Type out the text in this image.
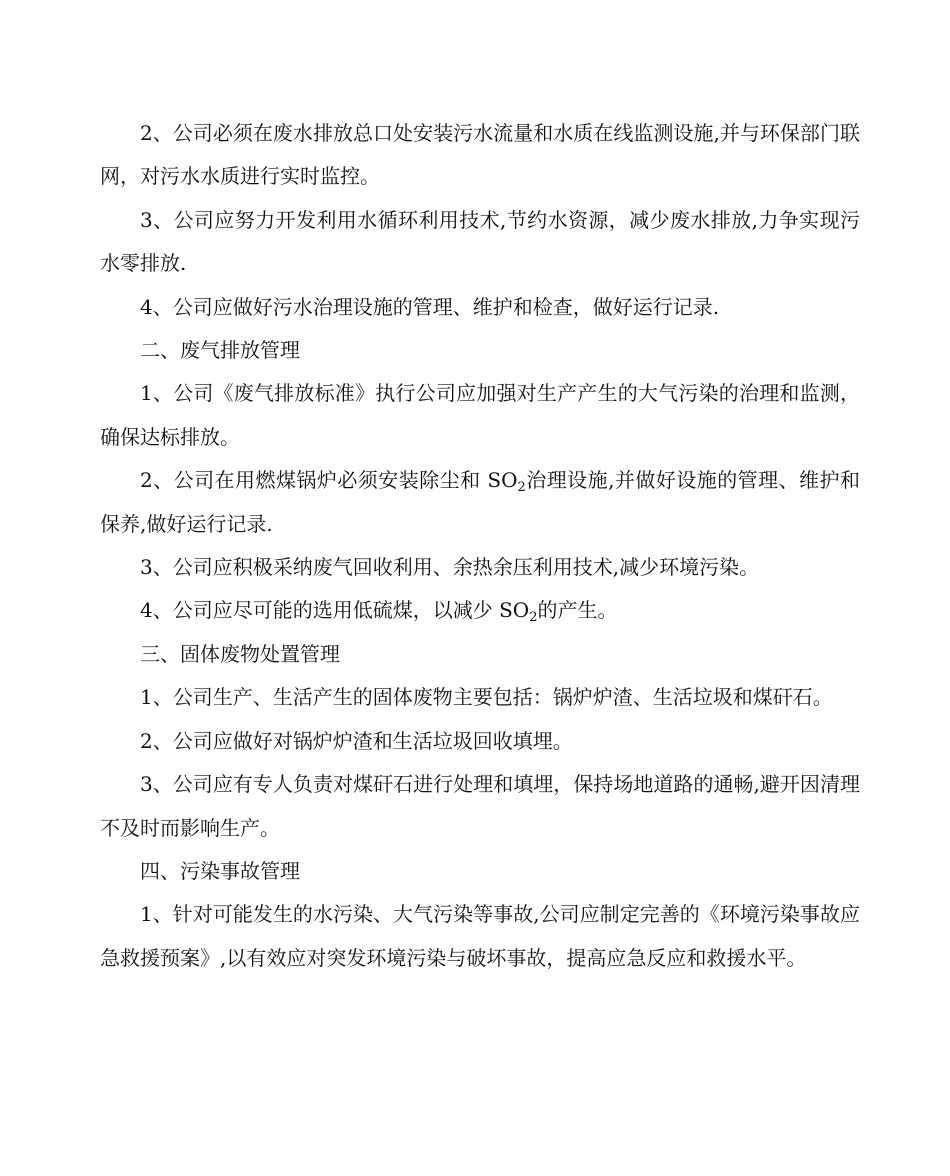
2、公司必须在废水排放总口处安装污水流量和水质在线监测设施,并与环保部门联网，对污水水质进行实时监控。

3、公司应努力开发利用水循环利用技术,节约水资源，减少废水排放,力争实现污水零排放.

4、公司应做好污水治理设施的管理、维护和检查，做好运行记录.

二、废气排放管理

1、公司《废气排放标准》执行公司应加强对生产产生的大气污染的治理和监测，确保达标排放。

2、公司在用燃煤锅炉必须安装除尘和 $SO_2$治理设施,并做好设施的管理、维护和保养,做好运行记录.

3、公司应积极采纳废气回收利用、余热余压利用技术,减少环境污染。

4、公司应尽可能的选用低硫煤，以减少 $SO_2$的产生。

三、固体废物处置管理

1、公司生产、生活产生的固体废物主要包括：锅炉炉渣、生活垃圾和煤矸石。

2、公司应做好对锅炉炉渣和生活垃圾回收填埋。

3、公司应有专人负责对煤矸石进行处理和填埋，保持场地道路的通畅,避开因清理不及时而影响生产。

四、污染事故管理

1、针对可能发生的水污染、大气污染等事故,公司应制定完善的《环境污染事故应急救援预案》,以有效应对突发环境污染与破坏事故，提高应急反应和救援水平。
